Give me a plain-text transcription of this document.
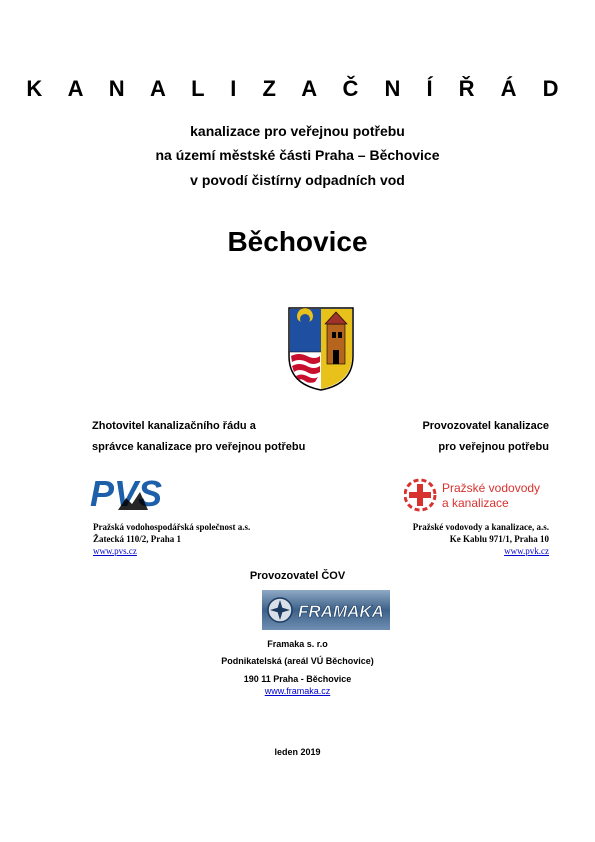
K A N A L I Z A Č N Í Ř Á D
kanalizace pro veřejnou potřebu
na území městské části Praha – Běchovice
v povodí čistírny odpadních vod
Běchovice
Zhotovitel kanalizačního řádu a
správce kanalizace pro veřejnou potřebu
PVS
Provozovatel kanalizace
pro veřejnou potřebu
Pražské vodovody
a kanalizace
Pražská vodohospodářská společnost a.s.
Žatecká 110/2, Praha 1
www.pvs.cz
Pražské vodovody a kanalizace, a.s.
Ke Kablu 971/1, Praha 10
www.pvk.cz
Provozovatel ČOV
FRAMAKA
Framaka s. r.o
Podnikatelská (areál VÚ Běchovice)
190 11 Praha - Běchovice
www.framaka.cz
leden 2019
